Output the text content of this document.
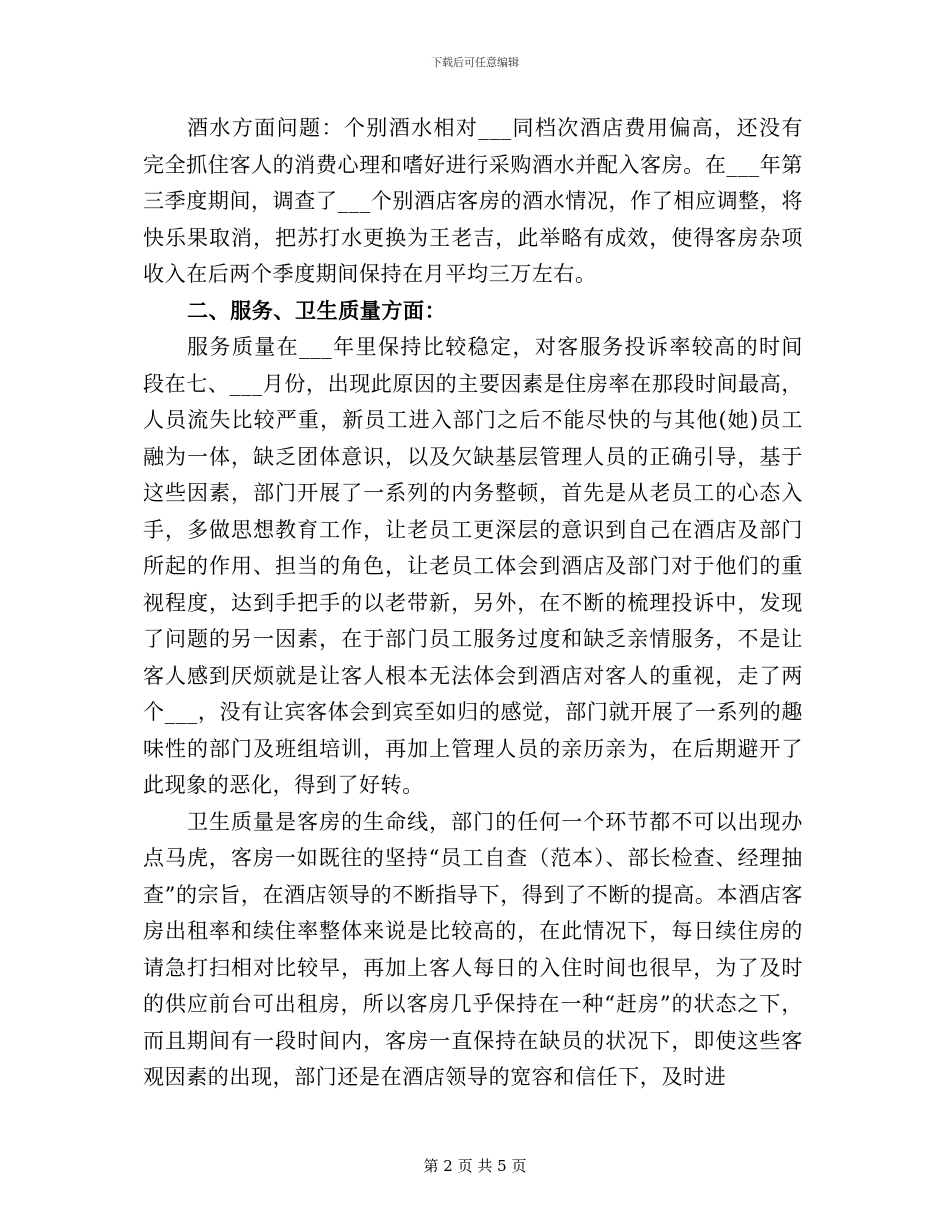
下载后可任意编辑

酒水方面问题：个别酒水相对___同档次酒店费用偏高，还没有完全抓住客人的消费心理和嗜好进行采购酒水并配入客房。在___年第三季度期间，调查了___个别酒店客房的酒水情况，作了相应调整，将快乐果取消，把苏打水更换为王老吉，此举略有成效，使得客房杂项收入在后两个季度期间保持在月平均三万左右。

二、服务、卫生质量方面：

服务质量在___年里保持比较稳定，对客服务投诉率较高的时间段在七、___月份，出现此原因的主要因素是住房率在那段时间最高，人员流失比较严重，新员工进入部门之后不能尽快的与其他(她)员工融为一体，缺乏团体意识，以及欠缺基层管理人员的正确引导，基于这些因素，部门开展了一系列的内务整顿，首先是从老员工的心态入手，多做思想教育工作，让老员工更深层的意识到自己在酒店及部门所起的作用、担当的角色，让老员工体会到酒店及部门对于他们的重视程度，达到手把手的以老带新，另外，在不断的梳理投诉中，发现了问题的另一因素，在于部门员工服务过度和缺乏亲情服务，不是让客人感到厌烦就是让客人根本无法体会到酒店对客人的重视，走了两个___，没有让宾客体会到宾至如归的感觉，部门就开展了一系列的趣味性的部门及班组培训，再加上管理人员的亲历亲为，在后期避开了此现象的恶化，得到了好转。

卫生质量是客房的生命线，部门的任何一个环节都不可以出现办点马虎，客房一如既往的坚持“员工自查（范本）、部长检查、经理抽查”的宗旨，在酒店领导的不断指导下，得到了不断的提高。本酒店客房出租率和续住率整体来说是比较高的，在此情况下，每日续住房的请急打扫相对比较早，再加上客人每日的入住时间也很早，为了及时的供应前台可出租房，所以客房几乎保持在一种“赶房”的状态之下，而且期间有一段时间内，客房一直保持在缺员的状况下，即使这些客观因素的出现，部门还是在酒店领导的宽容和信任下，及时进

第 2 页 共 5 页
